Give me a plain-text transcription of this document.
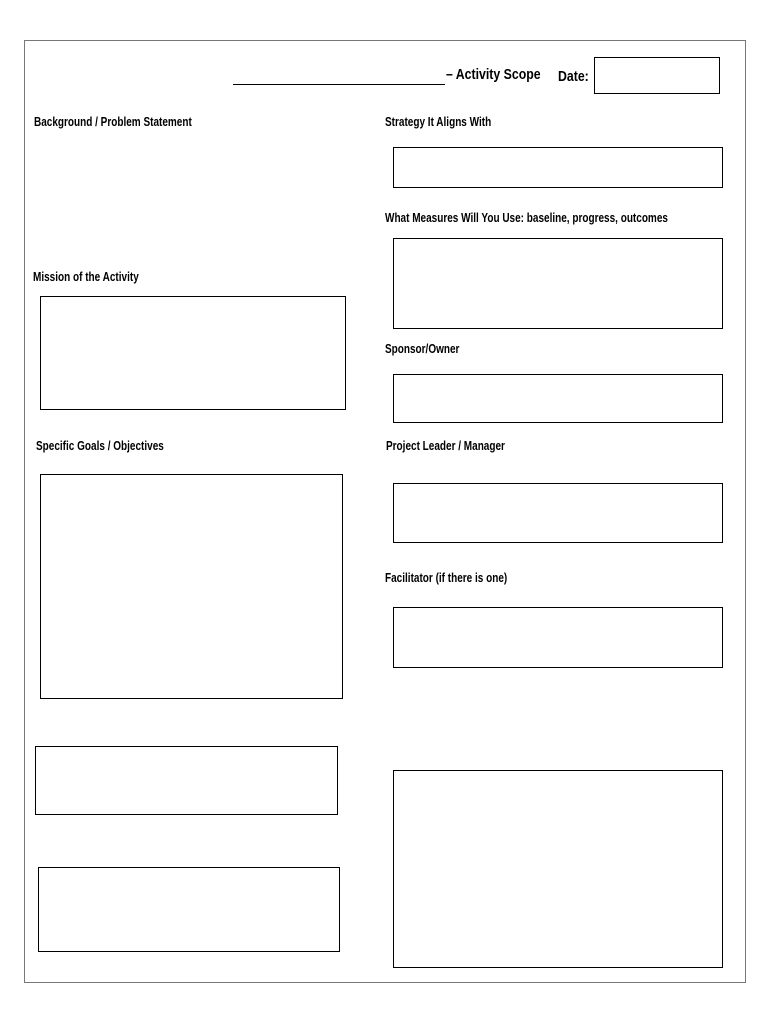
– Activity Scope Date:
Background / Problem Statement
Mission of the Activity
Specific Goals / Objectives
Strategy It Aligns With
What Measures Will You Use: baseline, progress, outcomes
Sponsor/Owner
Project Leader / Manager
Facilitator (if there is one)
